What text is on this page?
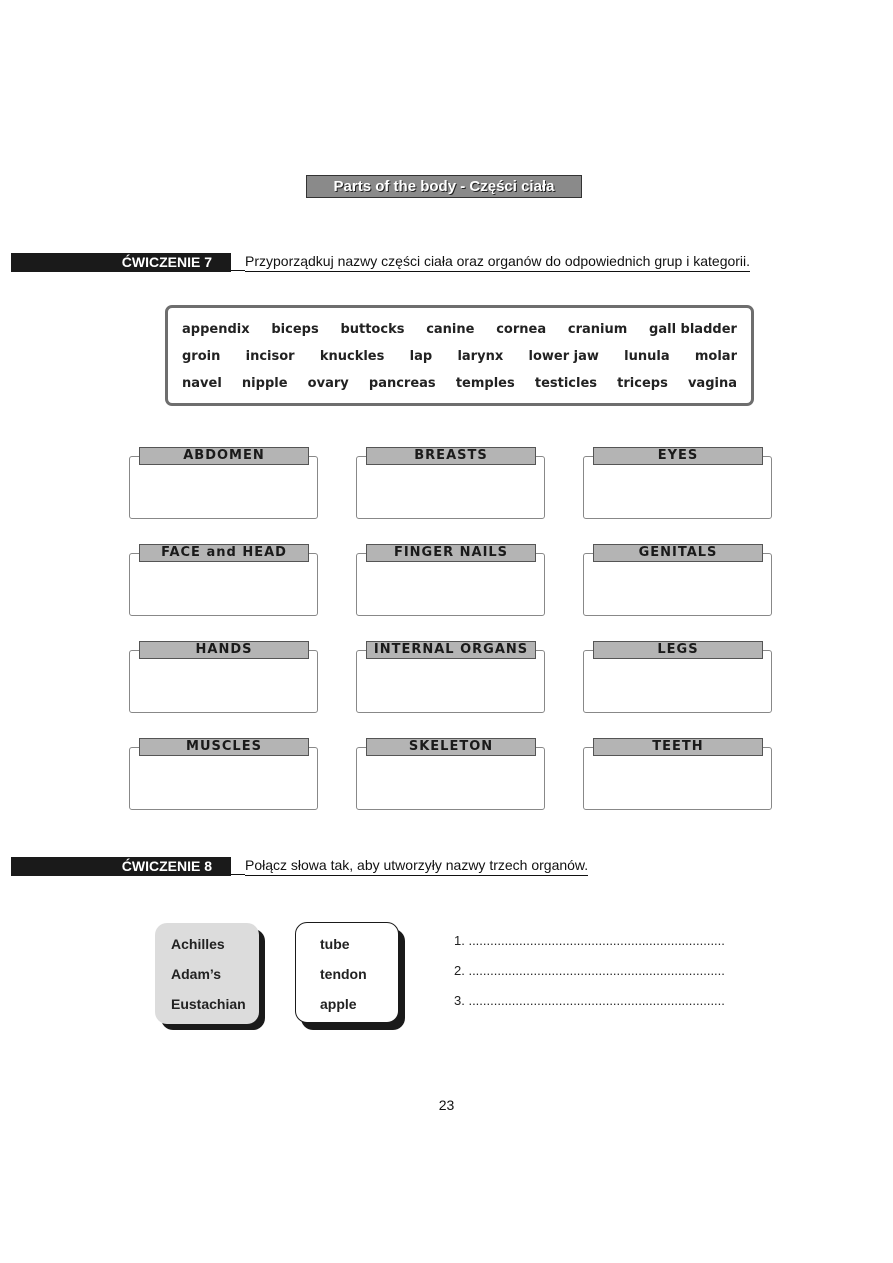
Parts of the body - Części ciała
ĆWICZENIE 7	Przyporządkuj nazwy części ciała oraz organów do odpowiednich grup i kategorii.
appendix biceps buttocks canine cornea cranium gall bladder
groin incisor knuckles lap larynx lower jaw lunula molar
navel nipple ovary pancreas temples testicles triceps vagina
ABDOMEN	BREASTS	EYES
FACE and HEAD	FINGER NAILS	GENITALS
HANDS	INTERNAL ORGANS	LEGS
MUSCLES	SKELETON	TEETH
ĆWICZENIE 8	Połącz słowa tak, aby utworzyły nazwy trzech organów.
Achilles
Adam’s
Eustachian
tube
tendon
apple
1. .......................................................................
2. .......................................................................
3. .......................................................................
23
